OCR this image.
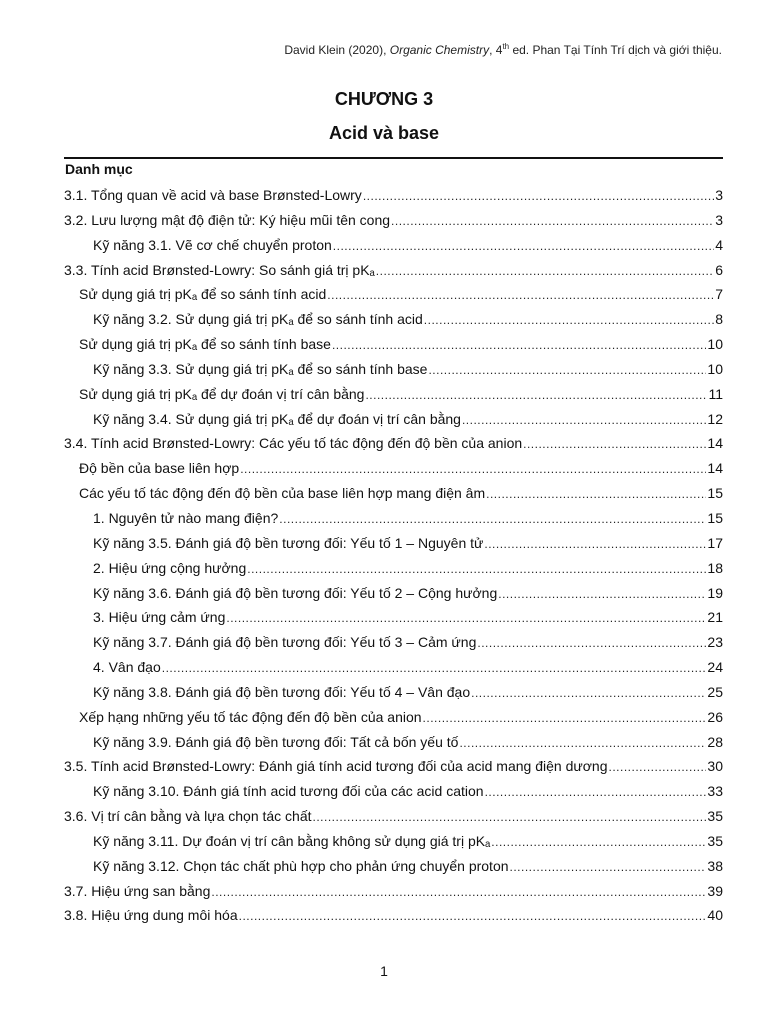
David Klein (2020), Organic Chemistry, 4th ed. Phan Tại Tính Trí dịch và giới thiệu.
CHƯƠNG 3
Acid và base
Danh mục
3.1. Tổng quan về acid và base Brønsted-Lowry .....	3
3.2. Lưu lượng mật độ điện tử: Ký hiệu mũi tên cong .....	3
Kỹ năng 3.1. Vẽ cơ chế chuyển proton .....	4
3.3. Tính acid Brønsted-Lowry: So sánh giá trị pKₐ .....	6
Sử dụng giá trị pKₐ để so sánh tính acid .....	7
Kỹ năng 3.2. Sử dụng giá trị pKₐ để so sánh tính acid .....	8
Sử dụng giá trị pKₐ để so sánh tính base .....	10
Kỹ năng 3.3. Sử dụng giá trị pKₐ để so sánh tính base .....	10
Sử dụng giá trị pKₐ để dự đoán vị trí cân bằng .....	11
Kỹ năng 3.4. Sử dụng giá trị pKₐ để dự đoán vị trí cân bằng .....	12
3.4. Tính acid Brønsted-Lowry: Các yếu tố tác động đến độ bền của anion .....	14
Độ bền của base liên hợp .....	14
Các yếu tố tác động đến độ bền của base liên hợp mang điện âm .....	15
1. Nguyên tử nào mang điện? .....	15
Kỹ năng 3.5. Đánh giá độ bền tương đối: Yếu tố 1 – Nguyên tử .....	17
2. Hiệu ứng cộng hưởng .....	18
Kỹ năng 3.6. Đánh giá độ bền tương đối: Yếu tố 2 – Cộng hưởng .....	19
3. Hiệu ứng cảm ứng .....	21
Kỹ năng 3.7. Đánh giá độ bền tương đối: Yếu tố 3 – Cảm ứng .....	23
4. Vân đạo .....	24
Kỹ năng 3.8. Đánh giá độ bền tương đối: Yếu tố 4 – Vân đạo .....	25
Xếp hạng những yếu tố tác động đến độ bền của anion .....	26
Kỹ năng 3.9. Đánh giá độ bền tương đối: Tất cả bốn yếu tố .....	28
3.5. Tính acid Brønsted-Lowry: Đánh giá tính acid tương đối của acid mang điện dương .....	30
Kỹ năng 3.10. Đánh giá tính acid tương đối của các acid cation .....	33
3.6. Vị trí cân bằng và lựa chọn tác chất .....	35
Kỹ năng 3.11. Dự đoán vị trí cân bằng không sử dụng giá trị pKₐ .....	35
Kỹ năng 3.12. Chọn tác chất phù hợp cho phản ứng chuyển proton .....	38
3.7. Hiệu ứng san bằng .....	39
3.8. Hiệu ứng dung môi hóa .....	40
1
